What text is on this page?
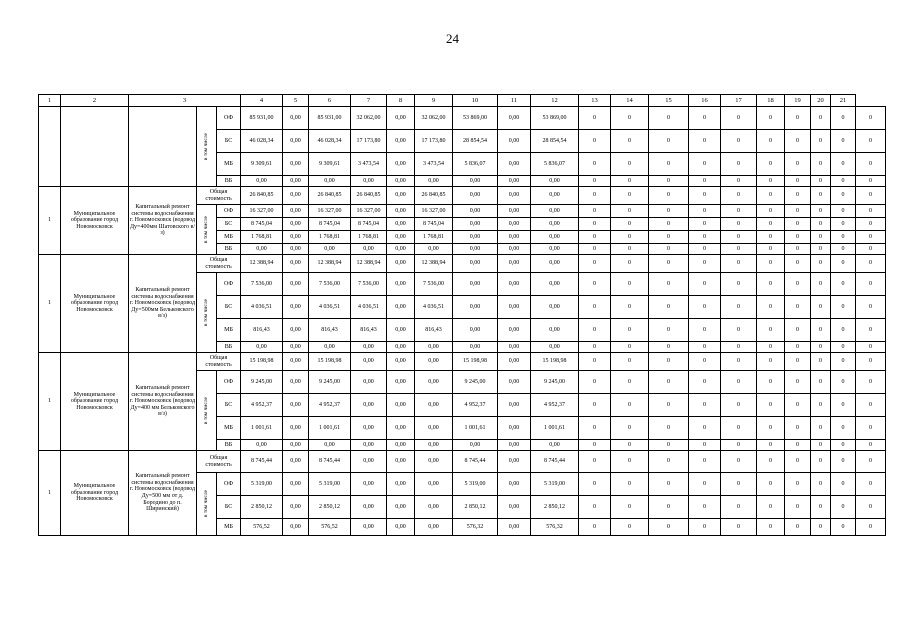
24
1	2	3			4	5	6	7	8	9	10	11	12	13	14	15	16	17	18	19	20	21	

			в том числе	ОФ	85 931,00	0,00	85 931,00	32 062,00	0,00	32 062,00	53 869,00	0,00	53 869,00	0	0	0	0	0	0	0	0	0	0
				БС	46 028,34	0,00	46 028,34	17 173,80	0,00	17 173,80	28 854,54	0,00	28 854,54	0	0	0	0	0	0	0	0	0	0
				МБ	9 309,61	0,00	9 309,61	3 473,54	0,00	3 473,54	5 836,07	0,00	5 836,07	0	0	0	0	0	0	0	0	0	0
				ВБ	0,00	0,00	0,00	0,00	0,00	0,00	0,00	0,00	0,00	0	0	0	0	0	0	0	0	0	0
1	Муниципальное образование город Новомосковск	Капитальный ремонт системы водоснабжения г. Новомосковск (водовод Ду=400мм Шатовского в/з)	Общая стоимость		26 840,85	0,00	26 840,85	26 840,85	0,00	26 840,85	0,00	0,00	0,00	0	0	0	0	0	0	0	0	0	0

			в том числе	ОФ	16 327,00	0,00	16 327,00	16 327,00	0,00	16 327,00	0,00	0,00	0,00	0	0	0	0	0	0	0	0	0	0
				БС	8 745,04	0,00	8 745,04	8 745,04	0,00	8 745,04	0,00	0,00	0,00	0	0	0	0	0	0	0	0	0	0
				МБ	1 768,81	0,00	1 768,81	1 768,81	0,00	1 768,81	0,00	0,00	0,00	0	0	0	0	0	0	0	0	0	0
				ВБ	0,00	0,00	0,00	0,00	0,00	0,00	0,00	0,00	0,00	0	0	0	0	0	0	0	0	0	0
1	Муниципальное образование город Новомосковск	Капитальный ремонт системы водоснабжения г. Новомосковск (водовод Ду=500мм Бельковского в/з)	Общая стоимость		12 388,94	0,00	12 388,94	12 388,94	0,00	12 388,94	0,00	0,00	0,00	0	0	0	0	0	0	0	0	0	0

			в том числе	ОФ	7 536,00	0,00	7 536,00	7 536,00	0,00	7 536,00	0,00	0,00	0,00	0	0	0	0	0	0	0	0	0	0
				БС	4 036,51	0,00	4 036,51	4 036,51	0,00	4 036,51	0,00	0,00	0,00	0	0	0	0	0	0	0	0	0	0
				МБ	816,43	0,00	816,43	816,43	0,00	816,43	0,00	0,00	0,00	0	0	0	0	0	0	0	0	0	0
				ВБ	0,00	0,00	0,00	0,00	0,00	0,00	0,00	0,00	0,00	0	0	0	0	0	0	0	0	0	0
1	Муниципальное образование город Новомосковск	Капитальный ремонт системы водоснабжения г. Новомосковск (водовод Ду=400 мм Бельковского в/з)	Общая стоимость		15 198,98	0,00	15 198,98	0,00	0,00	0,00	15 198,98	0,00	15 198,98	0	0	0	0	0	0	0	0	0	0

			в том числе	ОФ	9 245,00	0,00	9 245,00	0,00	0,00	0,00	9 245,00	0,00	9 245,00	0	0	0	0	0	0	0	0	0	0
				БС	4 952,37	0,00	4 952,37	0,00	0,00	0,00	4 952,37	0,00	4 952,37	0	0	0	0	0	0	0	0	0	0
				МБ	1 001,61	0,00	1 001,61	0,00	0,00	0,00	1 001,61	0,00	1 001,61	0	0	0	0	0	0	0	0	0	0
				ВБ	0,00	0,00	0,00	0,00	0,00	0,00	0,00	0,00	0,00	0	0	0	0	0	0	0	0	0	0
1	Муниципальное образование город Новомосковск	Капитальный ремонт системы водоснабжения г. Новомосковск (водовод Ду=500 мм от д. Бородино до п. Ширинский)	Общая стоимость		8 745,44	0,00	8 745,44	0,00	0,00	0,00	8 745,44	0,00	8 745,44	0	0	0	0	0	0	0	0	0	0

			в том числе	ОФ	5 319,00	0,00	5 319,00	0,00	0,00	0,00	5 319,00	0,00	5 319,00	0	0	0	0	0	0	0	0	0	0
				БС	2 850,12	0,00	2 850,12	0,00	0,00	0,00	2 850,12	0,00	2 850,12	0	0	0	0	0	0	0	0	0	0
				МБ	576,52	0,00	576,52	0,00	0,00	0,00	576,32	0,00	576,32	0	0	0	0	0	0	0	0	0	0
